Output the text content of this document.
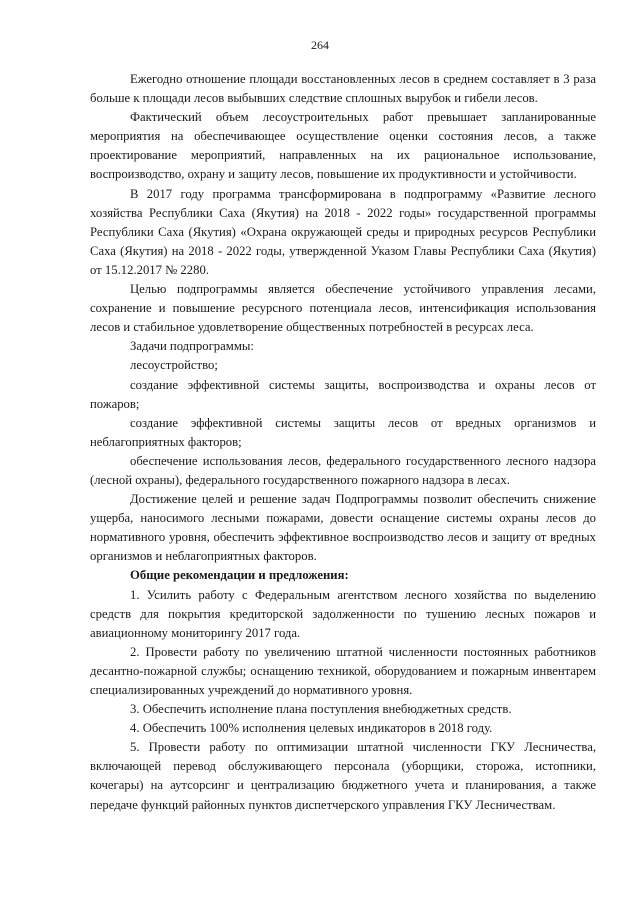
264

Ежегодно отношение площади восстановленных лесов в среднем составляет в 3 раза больше к площади лесов выбывших следствие сплошных вырубок и гибели лесов.

Фактический объем лесоустроительных работ превышает запланированные мероприятия на обеспечивающее осуществление оценки состояния лесов, а также проектирование мероприятий, направленных на их рациональное использование, воспроизводство, охрану и защиту лесов, повышение их продуктивности и устойчивости.

В 2017 году программа трансформирована в подпрограмму «Развитие лесного хозяйства Республики Саха (Якутия) на 2018 - 2022 годы» государственной программы Республики Саха (Якутия) «Охрана окружающей среды и природных ресурсов Республики Саха (Якутия) на 2018 - 2022 годы, утвержденной Указом Главы Республики Саха (Якутия) от 15.12.2017 № 2280.

Целью подпрограммы является обеспечение устойчивого управления лесами, сохранение и повышение ресурсного потенциала лесов, интенсификация использования лесов и стабильное удовлетворение общественных потребностей в ресурсах леса.

Задачи подпрограммы:

лесоустройство;

создание эффективной системы защиты, воспроизводства и охраны лесов от пожаров;

создание эффективной системы защиты лесов от вредных организмов и неблагоприятных факторов;

обеспечение использования лесов, федерального государственного лесного надзора (лесной охраны), федерального государственного пожарного надзора в лесах.

Достижение целей и решение задач Подпрограммы позволит обеспечить снижение ущерба, наносимого лесными пожарами, довести оснащение системы охраны лесов до нормативного уровня, обеспечить эффективное воспроизводство лесов и защиту от вредных организмов и неблагоприятных факторов.

Общие рекомендации и предложения:

1. Усилить работу с Федеральным агентством лесного хозяйства по выделению средств для покрытия кредиторской задолженности по тушению лесных пожаров и авиационному мониторингу 2017 года.

2. Провести работу по увеличению штатной численности постоянных работников десантно-пожарной службы; оснащению техникой, оборудованием и пожарным инвентарем специализированных учреждений до нормативного уровня.

3. Обеспечить исполнение плана поступления внебюджетных средств.

4. Обеспечить 100% исполнения целевых индикаторов в 2018 году.

5. Провести работу по оптимизации штатной численности ГКУ Лесничества, включающей перевод обслуживающего персонала (уборщики, сторожа, истопники, кочегары) на аутсорсинг и централизацию бюджетного учета и планирования, а также передаче функций районных пунктов диспетчерского управления ГКУ Лесничествам.
